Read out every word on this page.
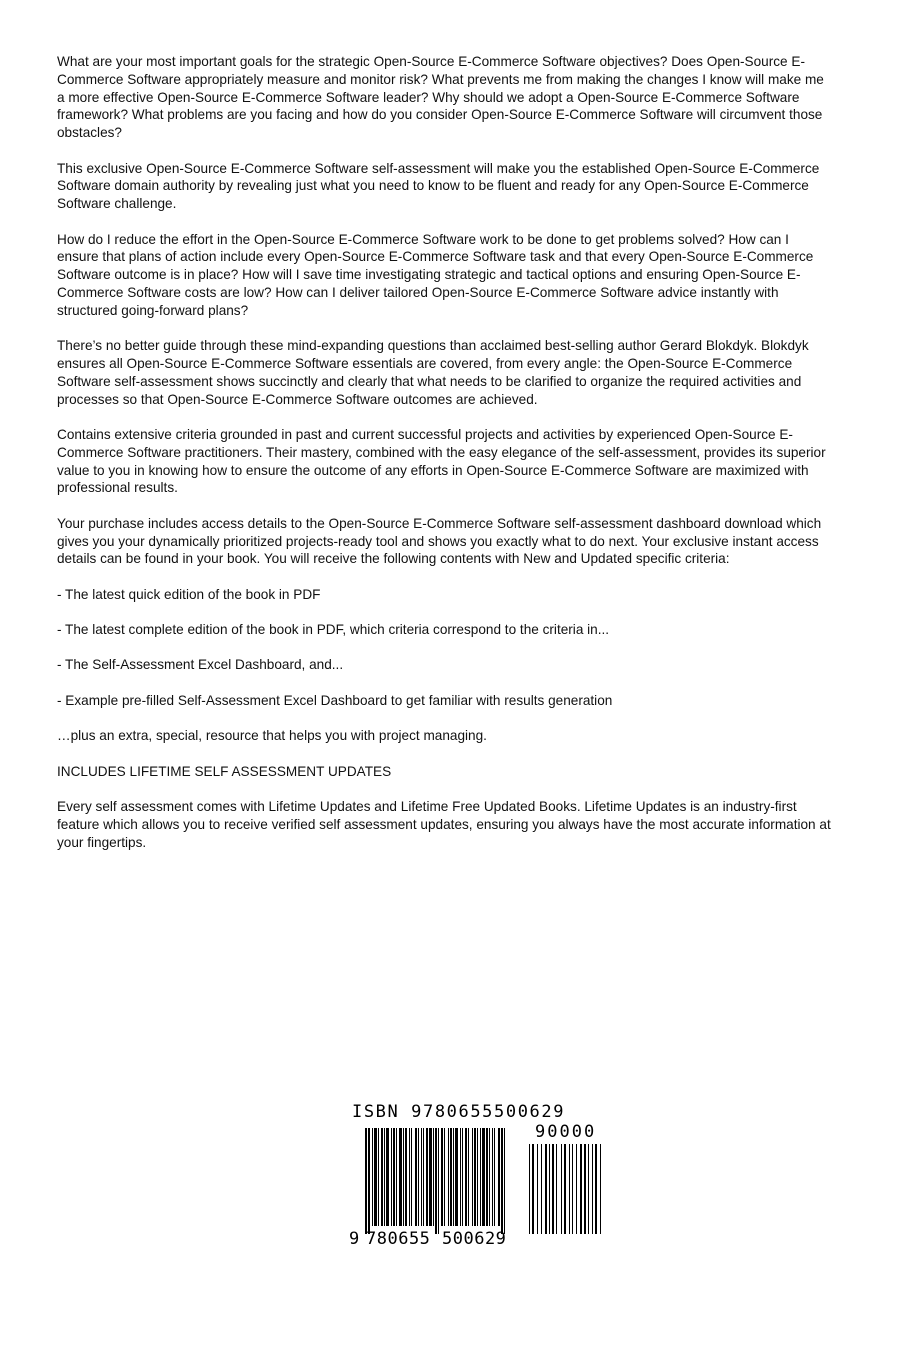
What are your most important goals for the strategic Open-Source E-Commerce Software objectives? Does Open-Source E-Commerce Software appropriately measure and monitor risk? What prevents me from making the changes I know will make me a more effective Open-Source E-Commerce Software leader? Why should we adopt a Open-Source E-Commerce Software framework? What problems are you facing and how do you consider Open-Source E-Commerce Software will circumvent those obstacles?

This exclusive Open-Source E-Commerce Software self-assessment will make you the established Open-Source E-Commerce Software domain authority by revealing just what you need to know to be fluent and ready for any Open-Source E-Commerce Software challenge.

How do I reduce the effort in the Open-Source E-Commerce Software work to be done to get problems solved? How can I ensure that plans of action include every Open-Source E-Commerce Software task and that every Open-Source E-Commerce Software outcome is in place? How will I save time investigating strategic and tactical options and ensuring Open-Source E-Commerce Software costs are low? How can I deliver tailored Open-Source E-Commerce Software advice instantly with structured going-forward plans?

There’s no better guide through these mind-expanding questions than acclaimed best-selling author Gerard Blokdyk. Blokdyk ensures all Open-Source E-Commerce Software essentials are covered, from every angle: the Open-Source E-Commerce Software self-assessment shows succinctly and clearly that what needs to be clarified to organize the required activities and processes so that Open-Source E-Commerce Software outcomes are achieved.

Contains extensive criteria grounded in past and current successful projects and activities by experienced Open-Source E-Commerce Software practitioners. Their mastery, combined with the easy elegance of the self-assessment, provides its superior value to you in knowing how to ensure the outcome of any efforts in Open-Source E-Commerce Software are maximized with professional results.

Your purchase includes access details to the Open-Source E-Commerce Software self-assessment dashboard download which gives you your dynamically prioritized projects-ready tool and shows you exactly what to do next. Your exclusive instant access details can be found in your book. You will receive the following contents with New and Updated specific criteria:

- The latest quick edition of the book in PDF

- The latest complete edition of the book in PDF, which criteria correspond to the criteria in...

- The Self-Assessment Excel Dashboard, and...

- Example pre-filled Self-Assessment Excel Dashboard to get familiar with results generation

…plus an extra, special, resource that helps you with project managing.

INCLUDES LIFETIME SELF ASSESSMENT UPDATES

Every self assessment comes with Lifetime Updates and Lifetime Free Updated Books. Lifetime Updates is an industry-first feature which allows you to receive verified self assessment updates, ensuring you always have the most accurate information at your fingertips.

ISBN 9780655500629
90000
9 780655 500629
